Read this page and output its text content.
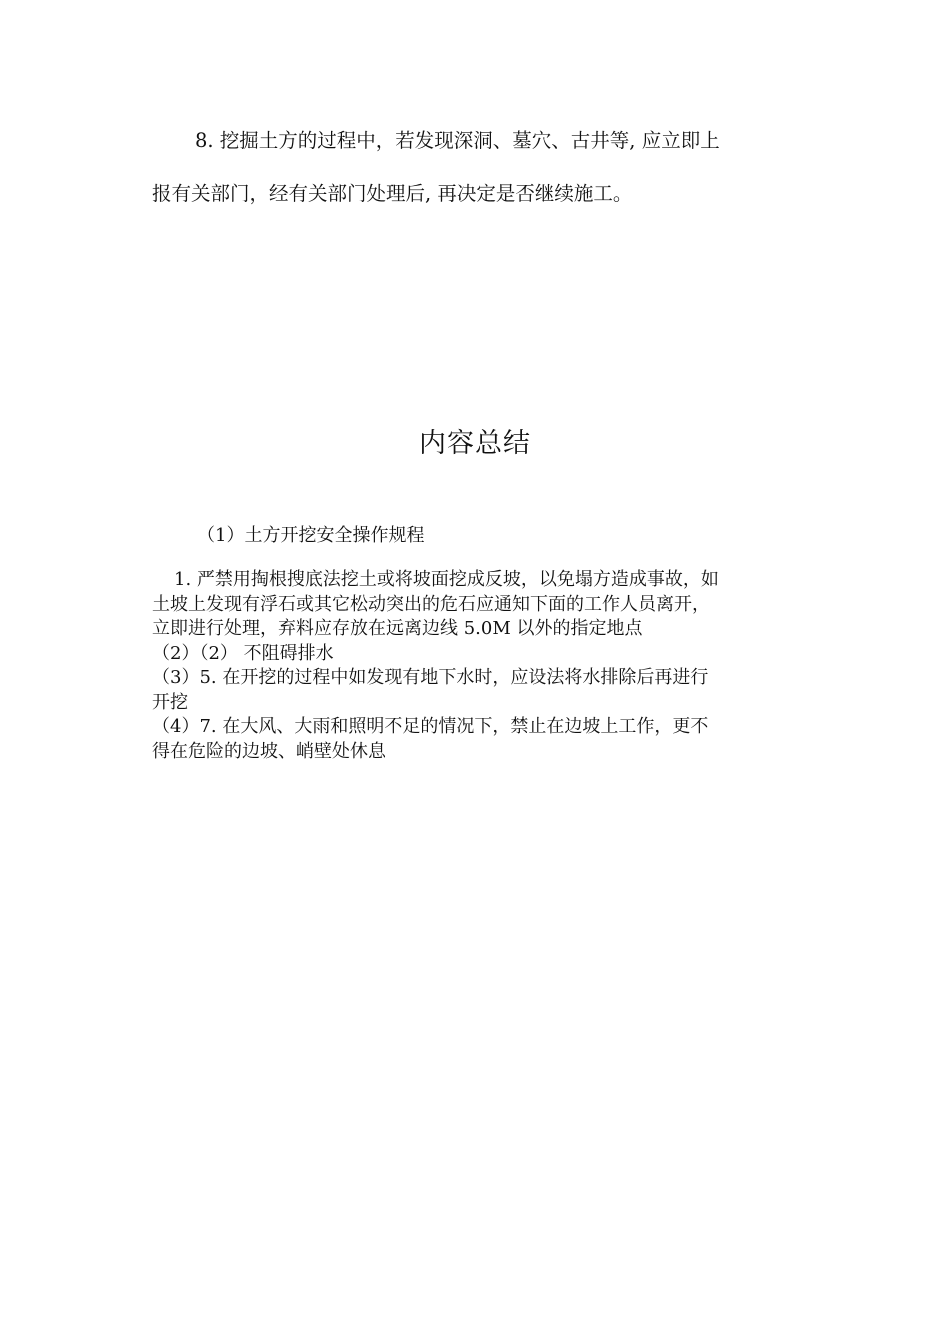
8. 挖掘土方的过程中，若发现深洞、墓穴、古井等, 应立即上
报有关部门，经有关部门处理后, 再决定是否继续施工。
内容总结
（1）土方开挖安全操作规程
1. 严禁用掏根搜底法挖土或将坡面挖成反坡，以免塌方造成事故，如
土坡上发现有浮石或其它松动突出的危石应通知下面的工作人员离开，
立即进行处理，弃料应存放在远离边线 5.0M 以外的指定地点
（2）（2） 不阻碍排水
（3）5. 在开挖的过程中如发现有地下水时，应设法将水排除后再进行
开挖
（4）7. 在大风、大雨和照明不足的情况下，禁止在边坡上工作，更不
得在危险的边坡、峭壁处休息
